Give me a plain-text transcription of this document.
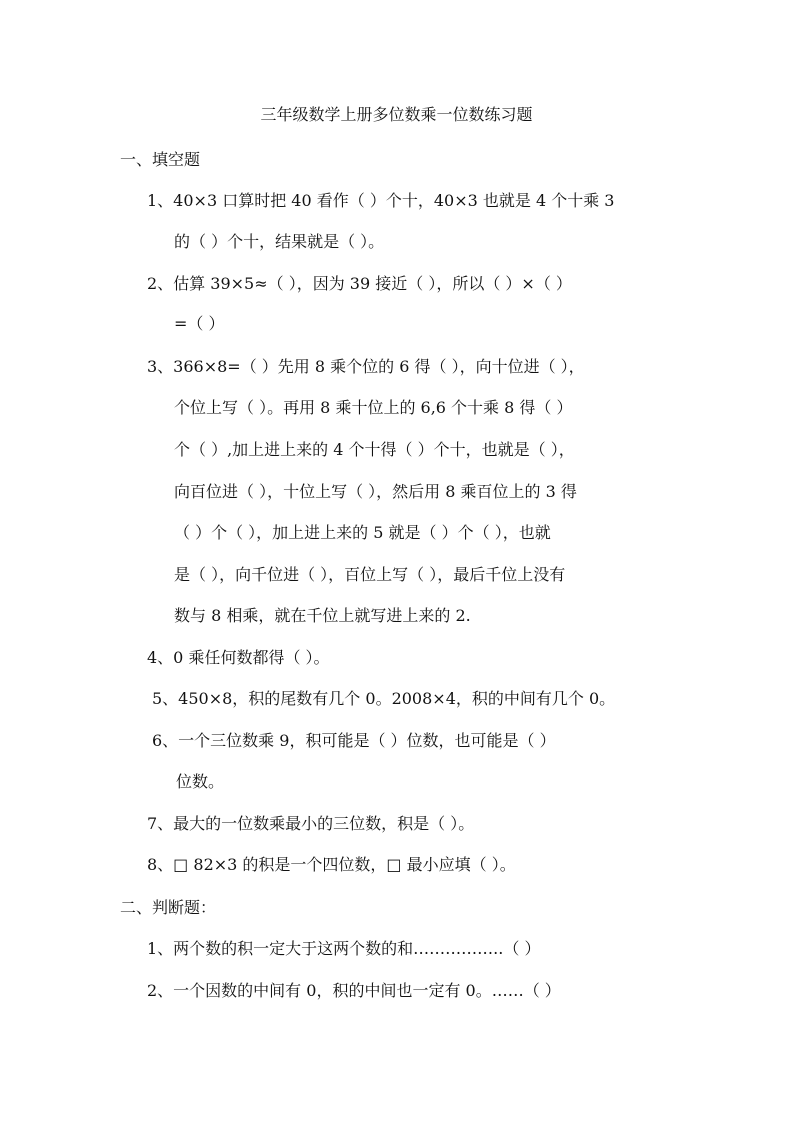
三年级数学上册多位数乘一位数练习题
一、填空题
1、40×3 口算时把 40 看作（ ）个十，40×3 也就是 4 个十乘 3
的（ ）个十，结果就是（ ）。
2、估算 39×5≈（ ），因为 39 接近（ ），所以（ ）×（ ）
=（ ）
3、366×8=（ ）先用 8 乘个位的 6 得（ ），向十位进（ ），
个位上写（ ）。再用 8 乘十位上的 6,6 个十乘 8 得（ ）
个（ ）,加上进上来的 4 个十得（ ）个十，也就是（ ），
向百位进（ ），十位上写（ ），然后用 8 乘百位上的 3 得
（ ）个（ ），加上进上来的 5 就是（ ）个（ ），也就
是（ ），向千位进（ ），百位上写（ ），最后千位上没有
数与 8 相乘，就在千位上就写进上来的 2.
4、0 乘任何数都得（ ）。
5、450×8，积的尾数有几个 0。2008×4，积的中间有几个 0。
6、一个三位数乘 9，积可能是（ ）位数，也可能是（ ）
位数。
7、最大的一位数乘最小的三位数，积是（ ）。
8、□ 82×3 的积是一个四位数，□ 最小应填（ ）。
二、判断题：
1、两个数的积一定大于这两个数的和……………..（ ）
2、一个因数的中间有 0，积的中间也一定有 0。……（ ）
